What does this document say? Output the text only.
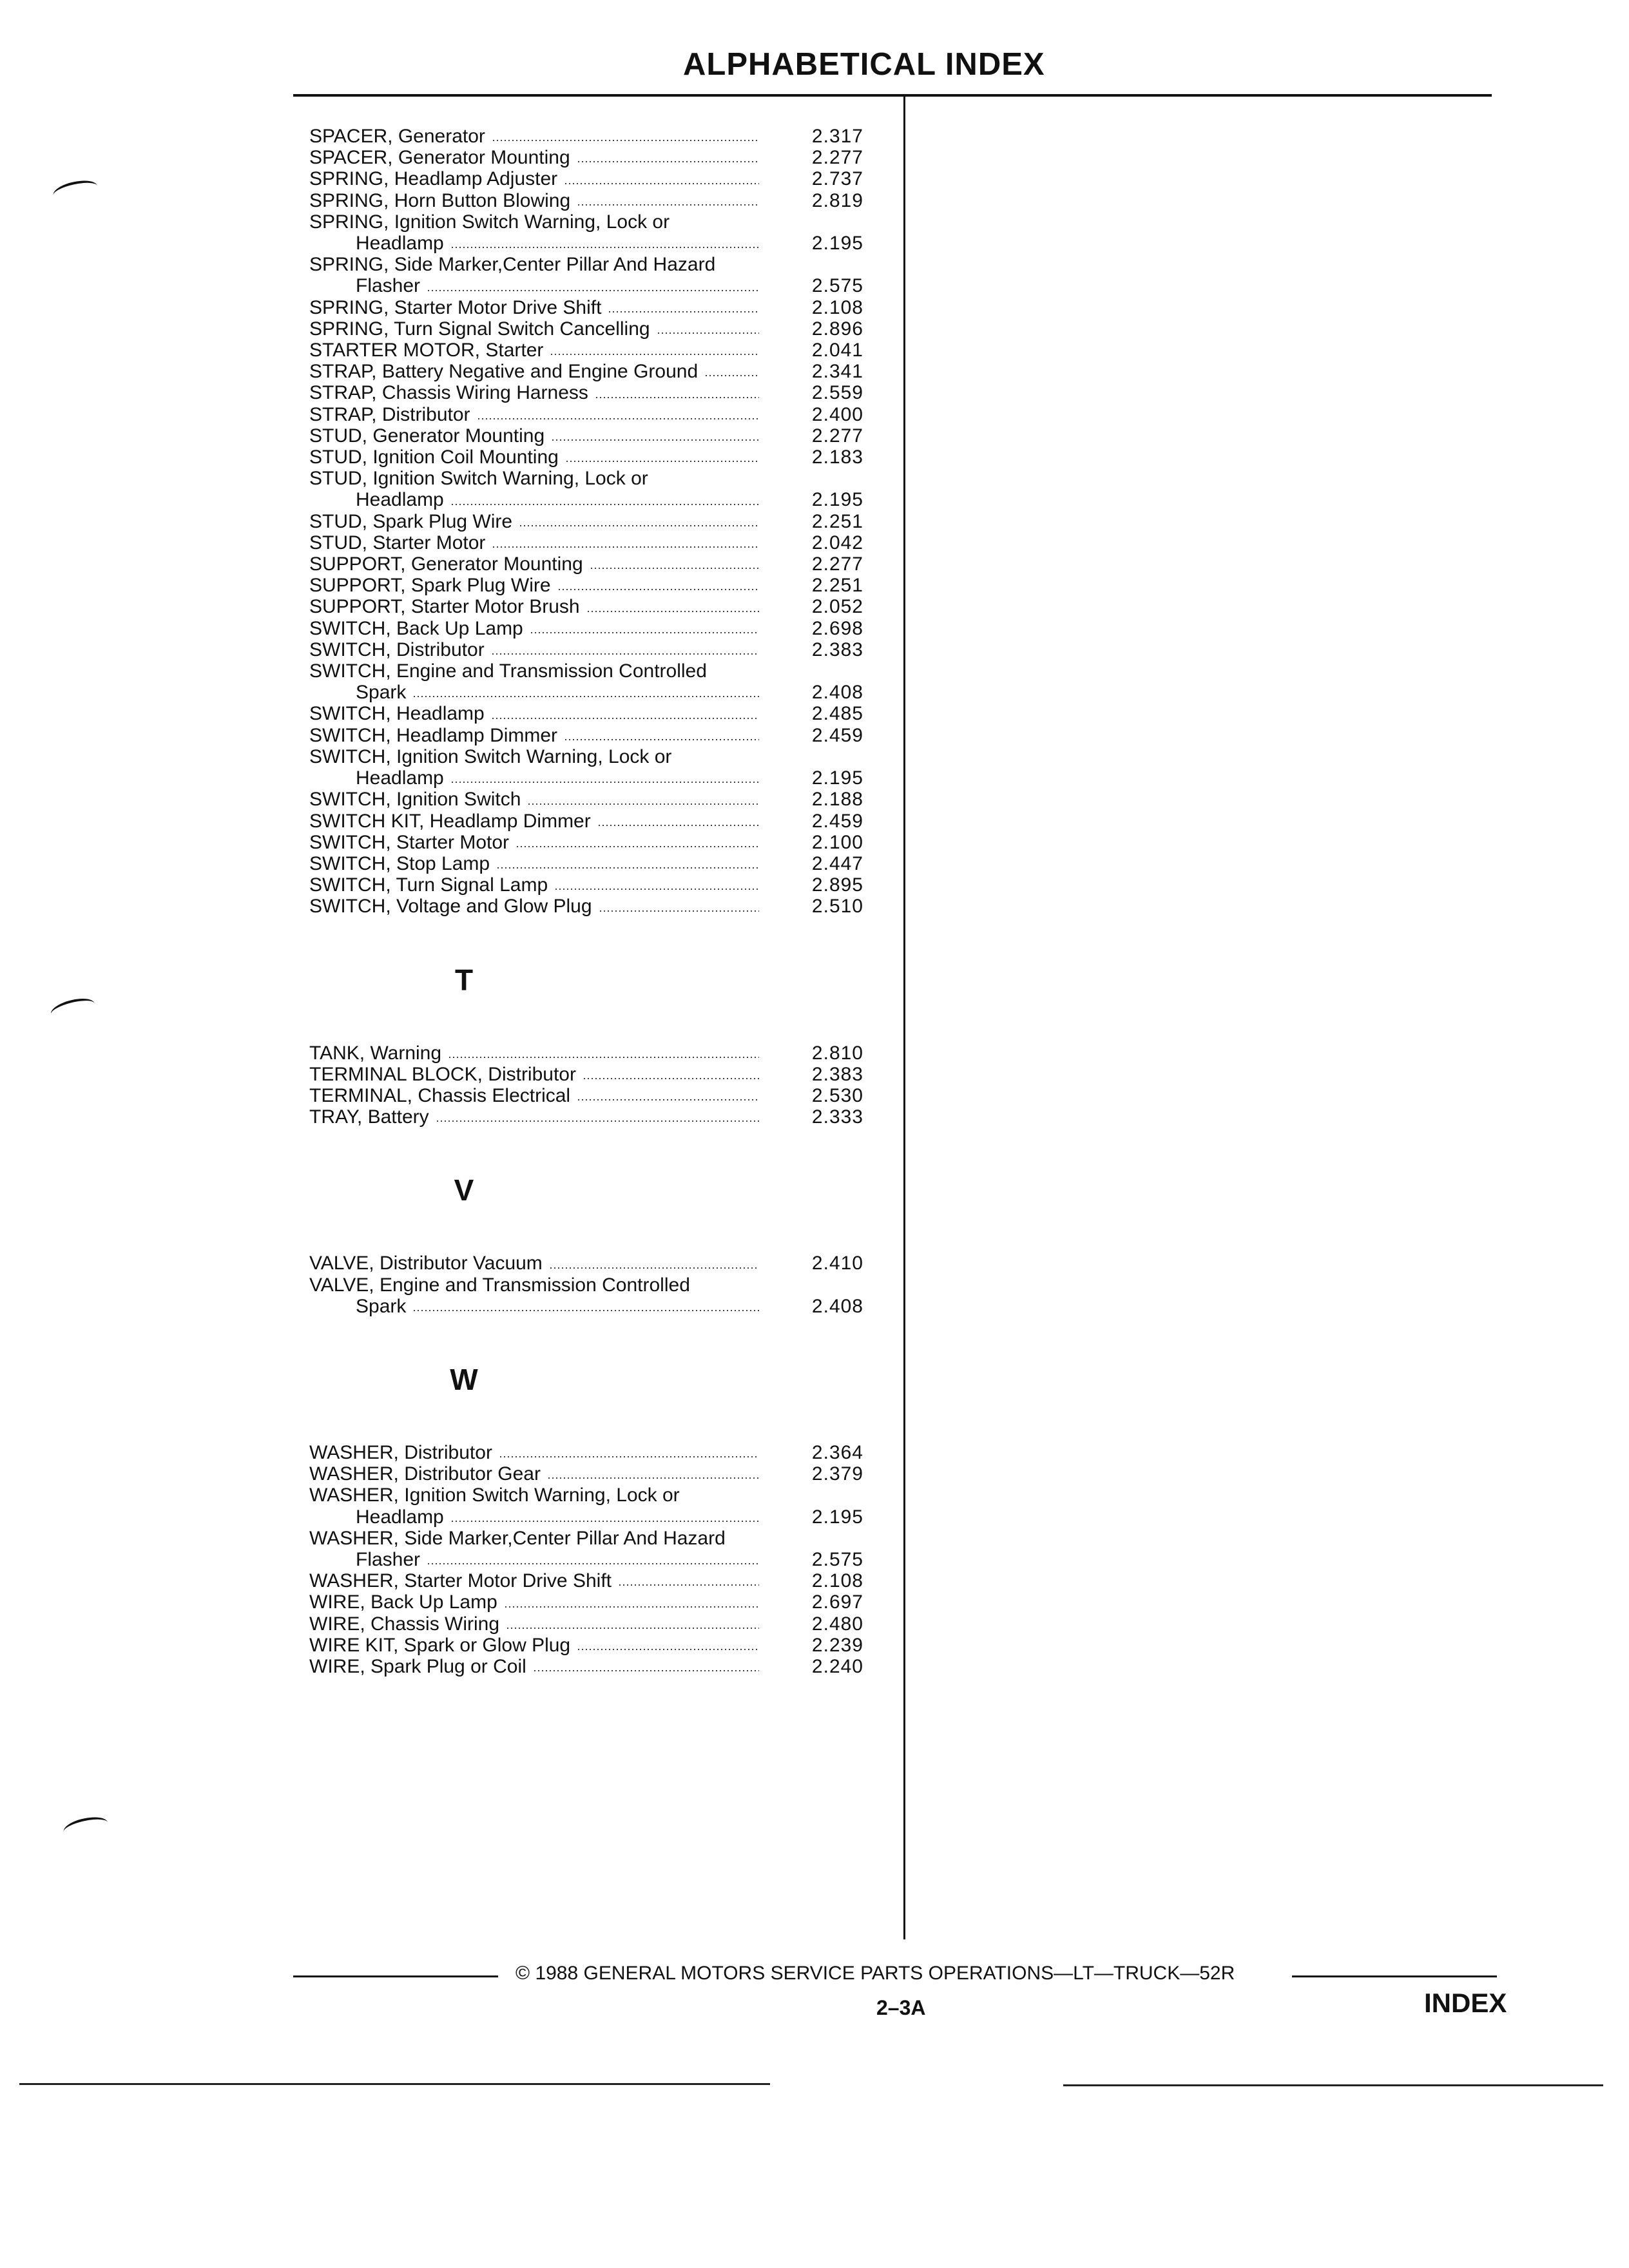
ALPHABETICAL INDEX
SPACER, Generator	2.317
SPACER, Generator Mounting	2.277
SPRING, Headlamp Adjuster	2.737
SPRING, Horn Button Blowing	2.819
SPRING, Ignition Switch Warning, Lock or
Headlamp	2.195
SPRING, Side Marker,Center Pillar And Hazard
Flasher	2.575
SPRING, Starter Motor Drive Shift	2.108
SPRING, Turn Signal Switch Cancelling	2.896
STARTER MOTOR, Starter	2.041
STRAP, Battery Negative and Engine Ground	2.341
STRAP, Chassis Wiring Harness	2.559
STRAP, Distributor	2.400
STUD, Generator Mounting	2.277
STUD, Ignition Coil Mounting	2.183
STUD, Ignition Switch Warning, Lock or
Headlamp	2.195
STUD, Spark Plug Wire	2.251
STUD, Starter Motor	2.042
SUPPORT, Generator Mounting	2.277
SUPPORT, Spark Plug Wire	2.251
SUPPORT, Starter Motor Brush	2.052
SWITCH, Back Up Lamp	2.698
SWITCH, Distributor	2.383
SWITCH, Engine and Transmission Controlled
Spark	2.408
SWITCH, Headlamp	2.485
SWITCH, Headlamp Dimmer	2.459
SWITCH, Ignition Switch Warning, Lock or
Headlamp	2.195
SWITCH, Ignition Switch	2.188
SWITCH KIT, Headlamp Dimmer	2.459
SWITCH, Starter Motor	2.100
SWITCH, Stop Lamp	2.447
SWITCH, Turn Signal Lamp	2.895
SWITCH, Voltage and Glow Plug	2.510
T
TANK, Warning	2.810
TERMINAL BLOCK, Distributor	2.383
TERMINAL, Chassis Electrical	2.530
TRAY, Battery	2.333
V
VALVE, Distributor Vacuum	2.410
VALVE, Engine and Transmission Controlled
Spark	2.408
W
WASHER, Distributor	2.364
WASHER, Distributor Gear	2.379
WASHER, Ignition Switch Warning, Lock or
Headlamp	2.195
WASHER, Side Marker,Center Pillar And Hazard
Flasher	2.575
WASHER, Starter Motor Drive Shift	2.108
WIRE, Back Up Lamp	2.697
WIRE, Chassis Wiring	2.480
WIRE KIT, Spark or Glow Plug	2.239
WIRE, Spark Plug or Coil	2.240
© 1988 GENERAL MOTORS SERVICE PARTS OPERATIONS—LT—TRUCK—52R
2–3A	INDEX
